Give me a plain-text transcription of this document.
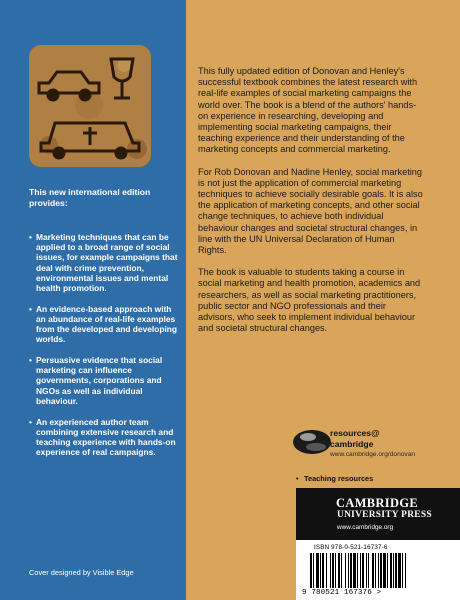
This new international edition provides:
• Marketing techniques that can be applied to a broad range of social issues, for example campaigns that deal with crime prevention, environmental issues and mental health promotion.
• An evidence-based approach with an abundance of real-life examples from the developed and developing worlds.
• Persuasive evidence that social marketing can influence governments, corporations and NGOs as well as individual behaviour.
• An experienced author team combining extensive research and teaching experience with hands-on experience of real campaigns.
Cover designed by Visible Edge

This fully updated edition of Donovan and Henley's successful textbook combines the latest research with real-life examples of social marketing campaigns the world over. The book is a blend of the authors' hands-on experience in researching, developing and implementing social marketing campaigns, their teaching experience and their understanding of the marketing concepts and commercial marketing.

For Rob Donovan and Nadine Henley, social marketing is not just the application of commercial marketing techniques to achieve socially desirable goals. It is also the application of marketing concepts, and other social change techniques, to achieve both individual behaviour changes and societal structural changes, in line with the UN Universal Declaration of Human Rights.

The book is valuable to students taking a course in social marketing and health promotion, academics and researchers, as well as social marketing practitioners, public sector and NGO professionals and their advisors, who seek to implement individual behaviour and societal structural changes.

resources@
cambridge
www.cambridge.org/donovan
• Teaching resources
CAMBRIDGE
UNIVERSITY PRESS
www.cambridge.org
ISBN 978-0-521-16737-6
9 780521 167376 >
